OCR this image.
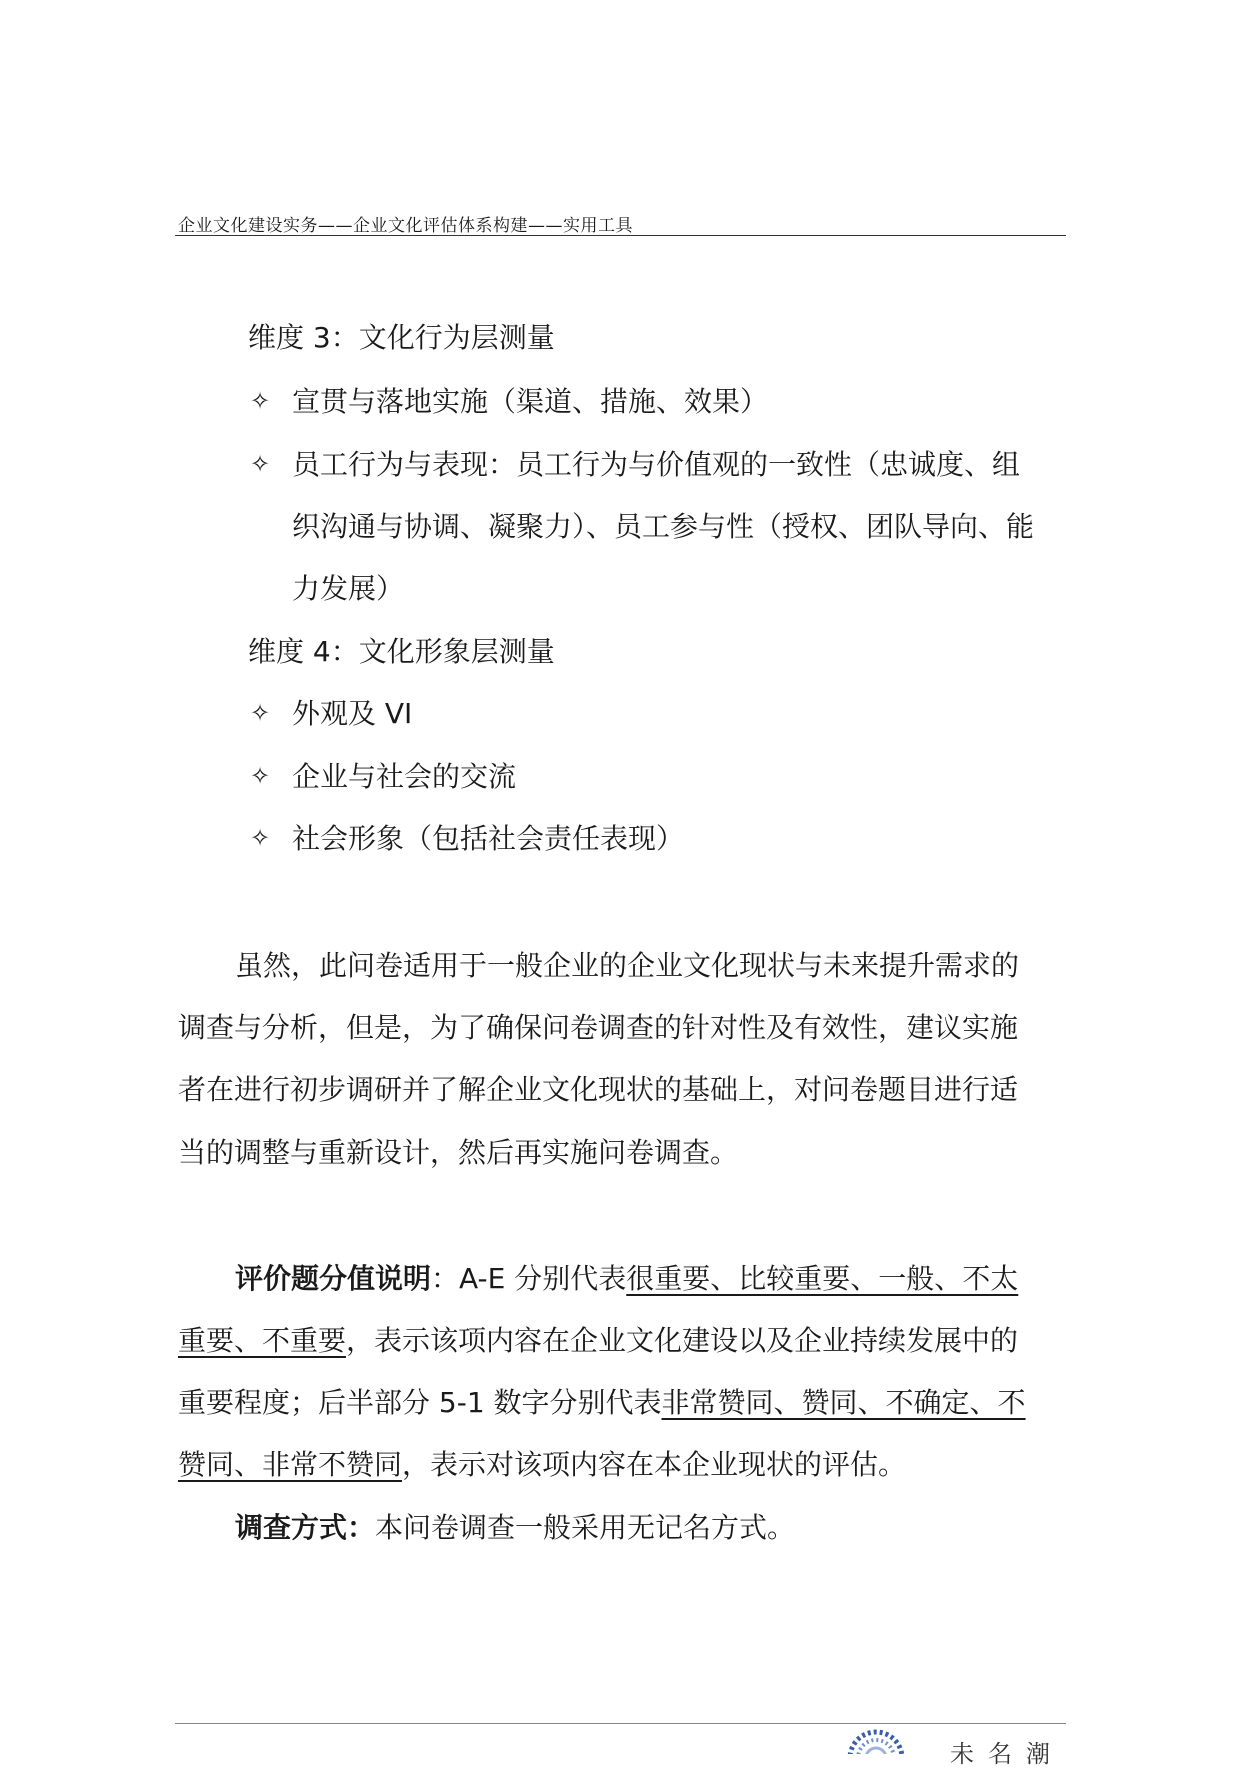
企业文化建设实务——企业文化评估体系构建——实用工具
维度 3：文化行为层测量
✧ 宣贯与落地实施（渠道、措施、效果）
✧ 员工行为与表现：员工行为与价值观的一致性（忠诚度、组
织沟通与协调、凝聚力）、员工参与性（授权、团队导向、能
力发展）
维度 4：文化形象层测量
✧ 外观及 VI
✧ 企业与社会的交流
✧ 社会形象（包括社会责任表现）
虽然，此问卷适用于一般企业的企业文化现状与未来提升需求的
调查与分析，但是，为了确保问卷调查的针对性及有效性，建议实施
者在进行初步调研并了解企业文化现状的基础上，对问卷题目进行适
当的调整与重新设计，然后再实施问卷调查。
评价题分值说明：A-E 分别代表很重要、比较重要、一般、不太
重要、不重要，表示该项内容在企业文化建设以及企业持续发展中的
重要程度；后半部分 5-1 数字分别代表非常赞同、赞同、不确定、不
赞同、非常不赞同，表示对该项内容在本企业现状的评估。
调查方式：本问卷调查一般采用无记名方式。
未名潮
